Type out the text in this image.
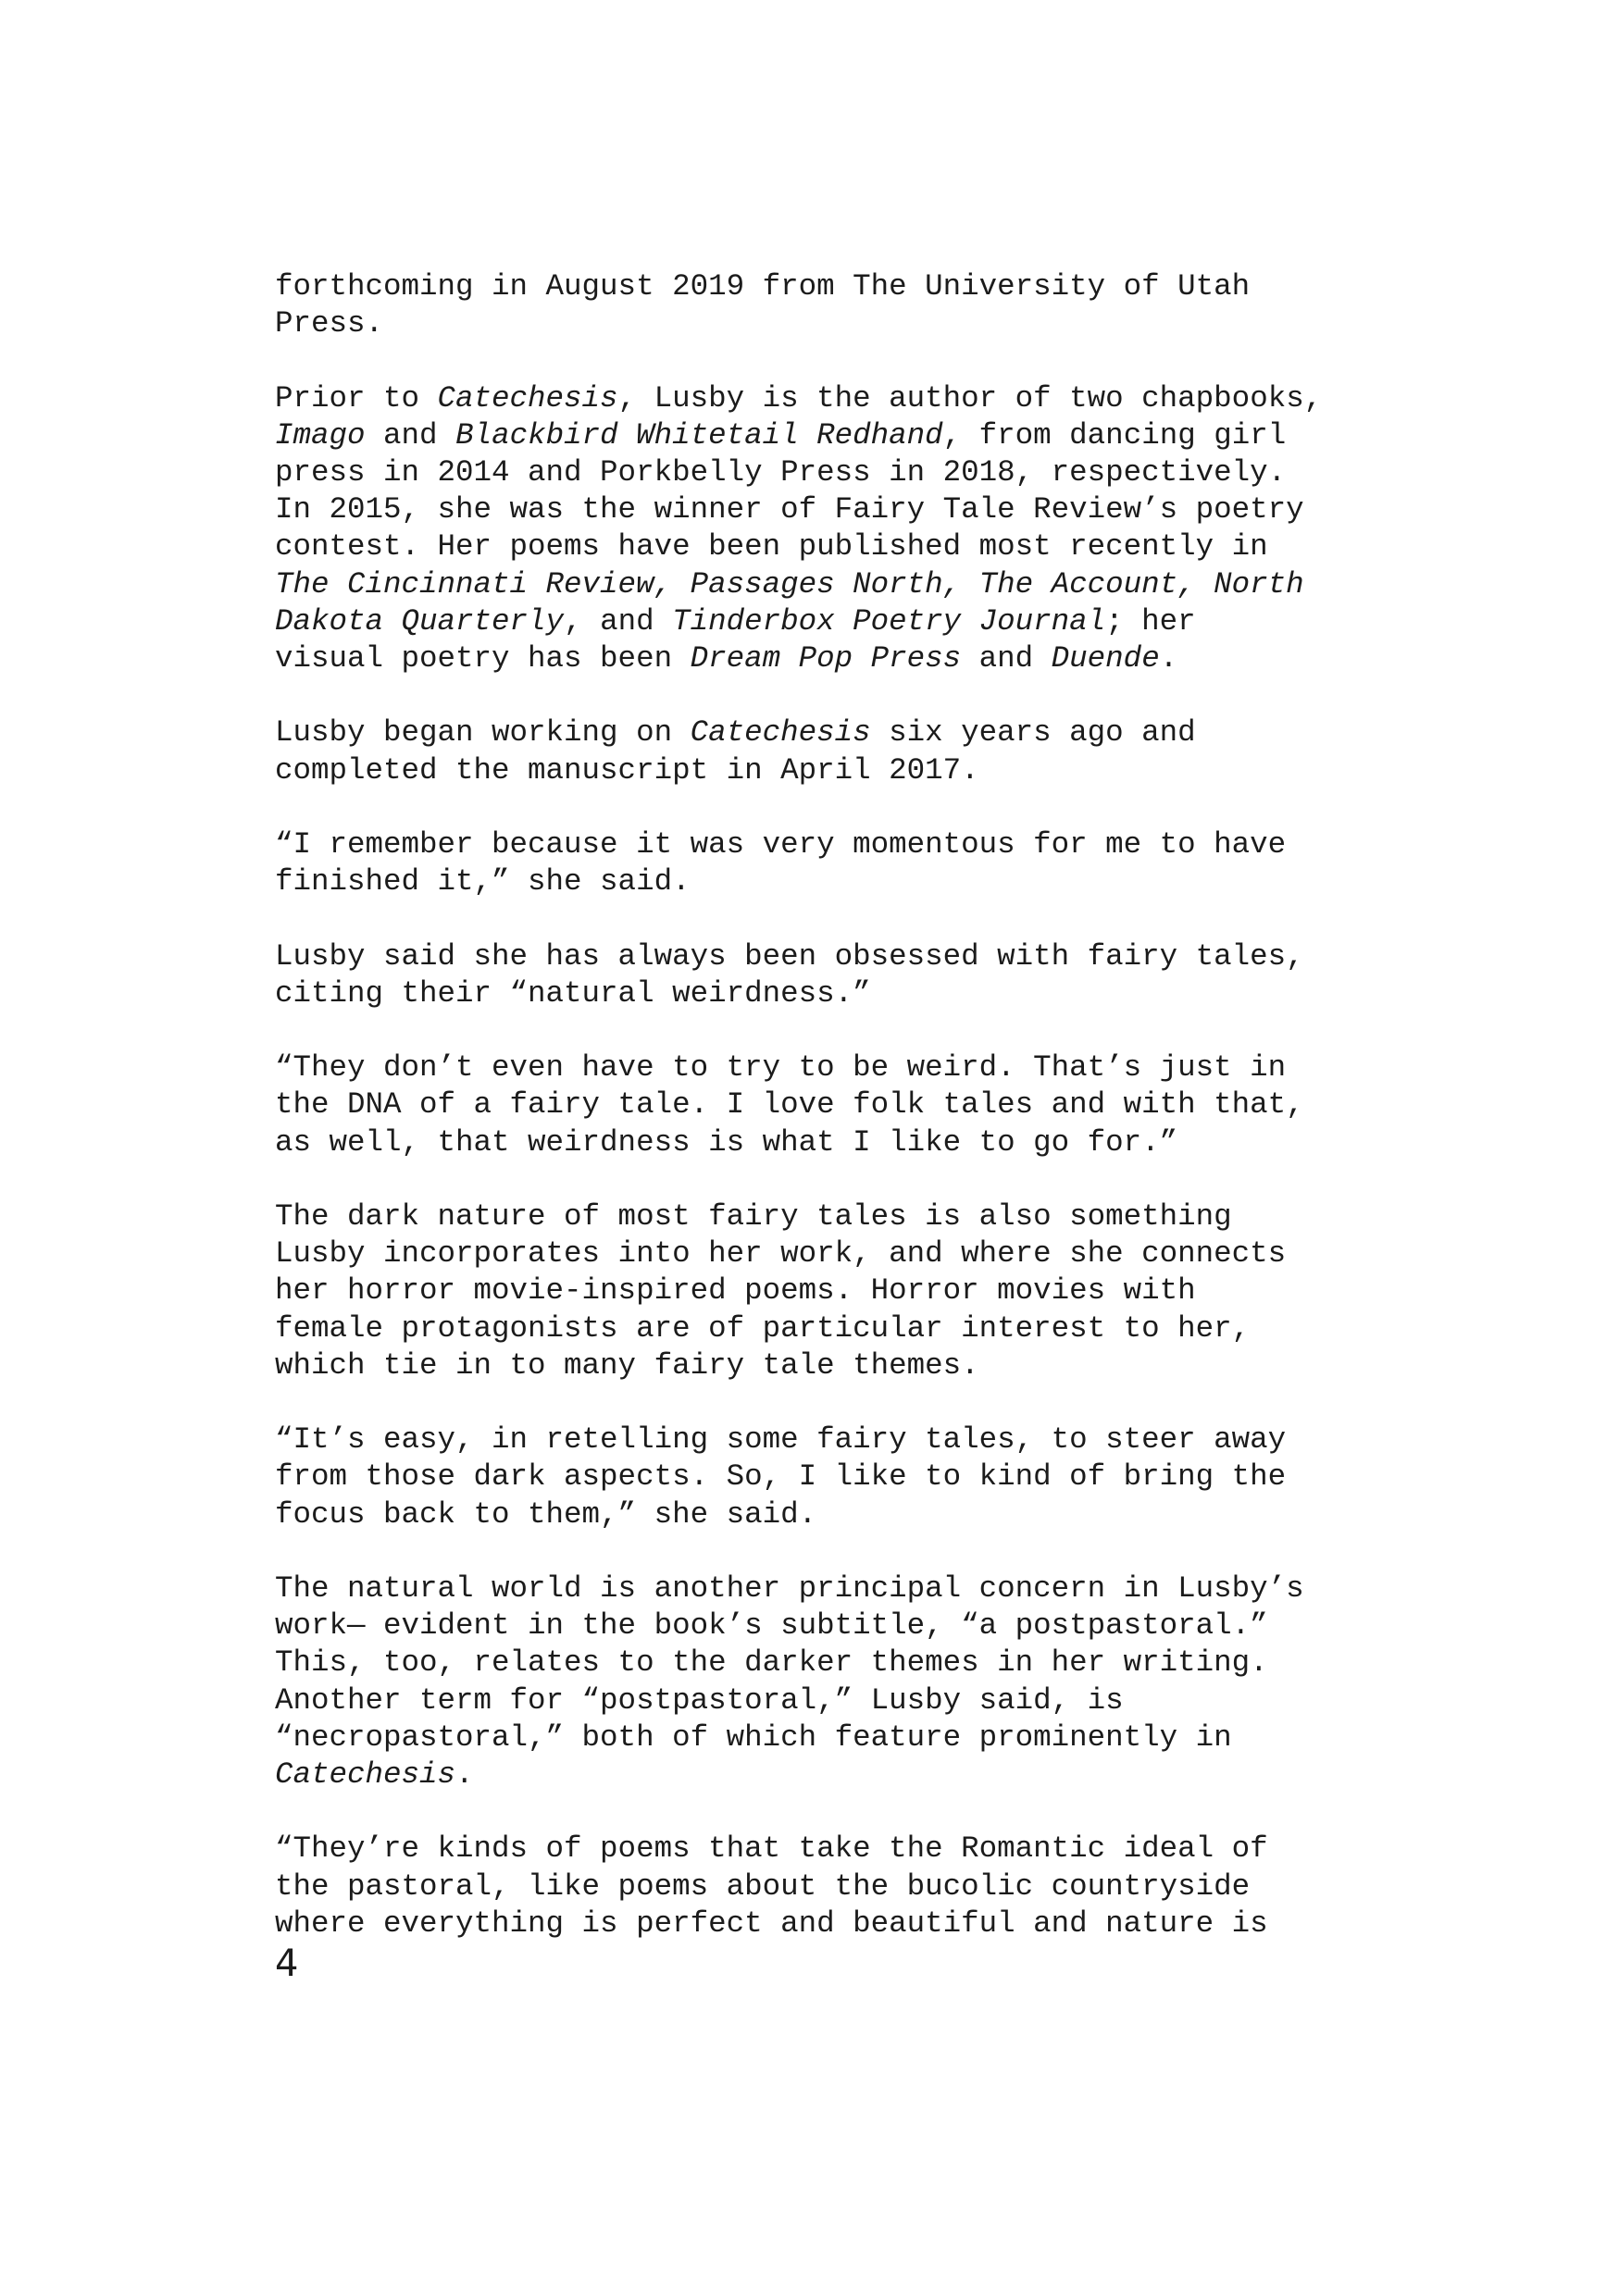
forthcoming in August 2019 from The University of Utah
Press.

Prior to Catechesis, Lusby is the author of two chapbooks,
Imago and Blackbird Whitetail Redhand, from dancing girl
press in 2014 and Porkbelly Press in 2018, respectively.
In 2015, she was the winner of Fairy Tale Review’s poetry
contest. Her poems have been published most recently in
The Cincinnati Review, Passages North, The Account, North
Dakota Quarterly, and Tinderbox Poetry Journal; her
visual poetry has been Dream Pop Press and Duende.

Lusby began working on Catechesis six years ago and
completed the manuscript in April 2017.

“I remember because it was very momentous for me to have
finished it,” she said.

Lusby said she has always been obsessed with fairy tales,
citing their “natural weirdness.”

“They don’t even have to try to be weird. That’s just in
the DNA of a fairy tale. I love folk tales and with that,
as well, that weirdness is what I like to go for.”

The dark nature of most fairy tales is also something
Lusby incorporates into her work, and where she connects
her horror movie-inspired poems. Horror movies with
female protagonists are of particular interest to her,
which tie in to many fairy tale themes.

“It’s easy, in retelling some fairy tales, to steer away
from those dark aspects. So, I like to kind of bring the
focus back to them,” she said.

The natural world is another principal concern in Lusby’s
work— evident in the book’s subtitle, “a postpastoral.”
This, too, relates to the darker themes in her writing.
Another term for “postpastoral,” Lusby said, is
“necropastoral,” both of which feature prominently in
Catechesis.

“They’re kinds of poems that take the Romantic ideal of
the pastoral, like poems about the bucolic countryside
where everything is perfect and beautiful and nature is

4
